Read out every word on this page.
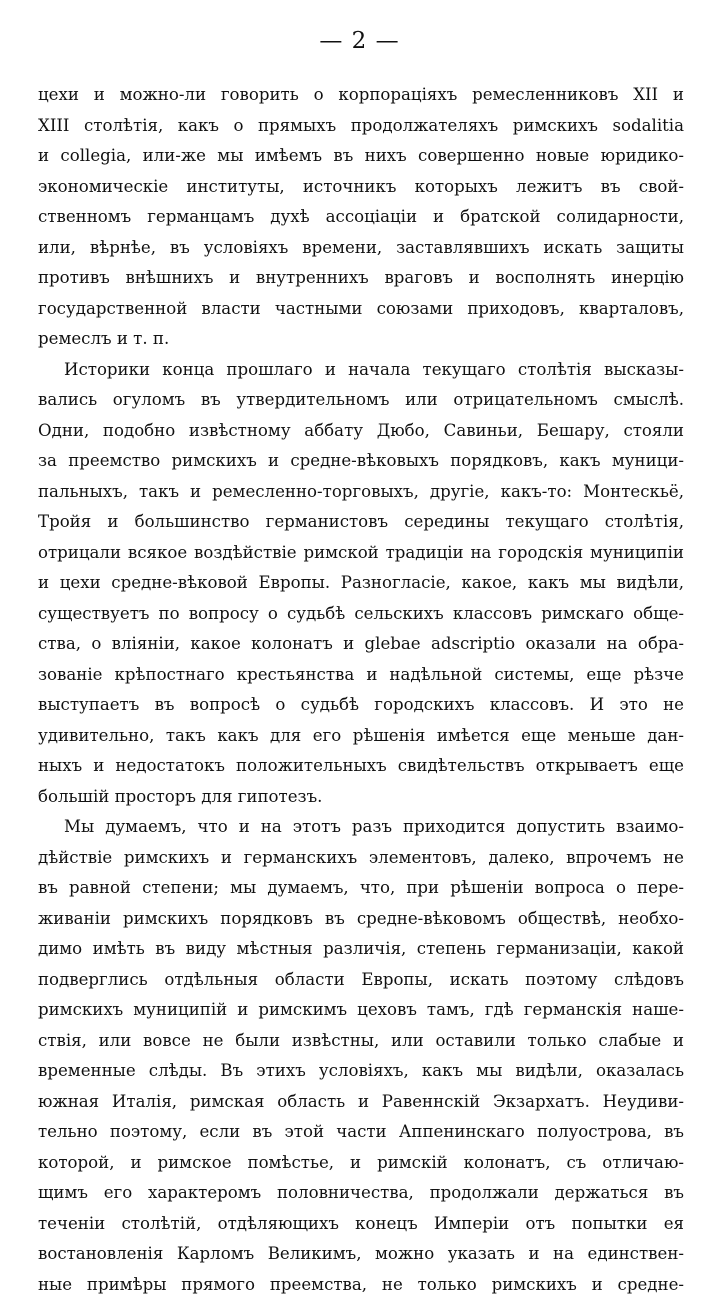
— 2 —
цехи и можно-ли говорить о корпораціяхъ ремесленниковъ XII и
XIII столѣтія, какъ о прямыхъ продолжателяхъ римскихъ sodalitia
и collegia, или-же мы имѣемъ въ нихъ совершенно новые юридико-
экономическіе институты, источникъ которыхъ лежитъ въ свой-
ственномъ германцамъ духѣ ассоціаціи и братской солидарности,
или, вѣрнѣе, въ условіяхъ времени, заставлявшихъ искать защиты
противъ внѣшнихъ и внутреннихъ враговъ и восполнять инерцію
государственной власти частными союзами приходовъ, кварталовъ,
ремеслъ и т. п.
Историки конца прошлаго и начала текущаго столѣтія высказы-
вались огуломъ въ утвердительномъ или отрицательномъ смыслѣ.
Одни, подобно извѣстному аббату Дюбо, Савиньи, Бешару, стояли
за преемство римскихъ и средне-вѣковыхъ порядковъ, какъ муници-
пальныхъ, такъ и ремесленно-торговыхъ, другіе, какъ-то: Монтескьё,
Тройя и большинство германистовъ середины текущаго столѣтія,
отрицали всякое воздѣйствіе римской традиціи на городскія муниципіи
и цехи средне-вѣковой Европы. Разногласіе, какое, какъ мы видѣли,
существуетъ по вопросу о судьбѣ сельскихъ классовъ римскаго обще-
ства, о вліяніи, какое колонатъ и glebae adscriptio оказали на обра-
зованіе крѣпостнаго крестьянства и надѣльной системы, еще рѣзче
выступаетъ въ вопросѣ о судьбѣ городскихъ классовъ. И это не
удивительно, такъ какъ для его рѣшенія имѣется еще меньше дан-
ныхъ и недостатокъ положительныхъ свидѣтельствъ открываетъ еще
большій просторъ для гипотезъ.
Мы думаемъ, что и на этотъ разъ приходится допустить взаимо-
дѣйствіе римскихъ и германскихъ элементовъ, далеко, впрочемъ не
въ равной степени; мы думаемъ, что, при рѣшеніи вопроса о пере-
живаніи римскихъ порядковъ въ средне-вѣковомъ обществѣ, необхо-
димо имѣть въ виду мѣстныя различія, степень германизаціи, какой
подверглись отдѣльныя области Европы, искать поэтому слѣдовъ
римскихъ муниципій и римскимъ цеховъ тамъ, гдѣ германскія наше-
ствія, или вовсе не были извѣстны, или оставили только слабые и
временные слѣды. Въ этихъ условіяхъ, какъ мы видѣли, оказалась
южная Италія, римская область и Равеннскій Экзархатъ. Неудиви-
тельно поэтому, если въ этой части Аппенинскаго полуострова, въ
которой, и римское помѣстье, и римскій колонатъ, съ отличаю-
щимъ его характеромъ половничества, продолжали держаться въ
теченіи столѣтій, отдѣляющихъ конецъ Имперіи отъ попытки ея
востановленія Карломъ Великимъ, можно указать и на единствен-
ные примѣры прямого преемства, не только римскихъ и средне-
